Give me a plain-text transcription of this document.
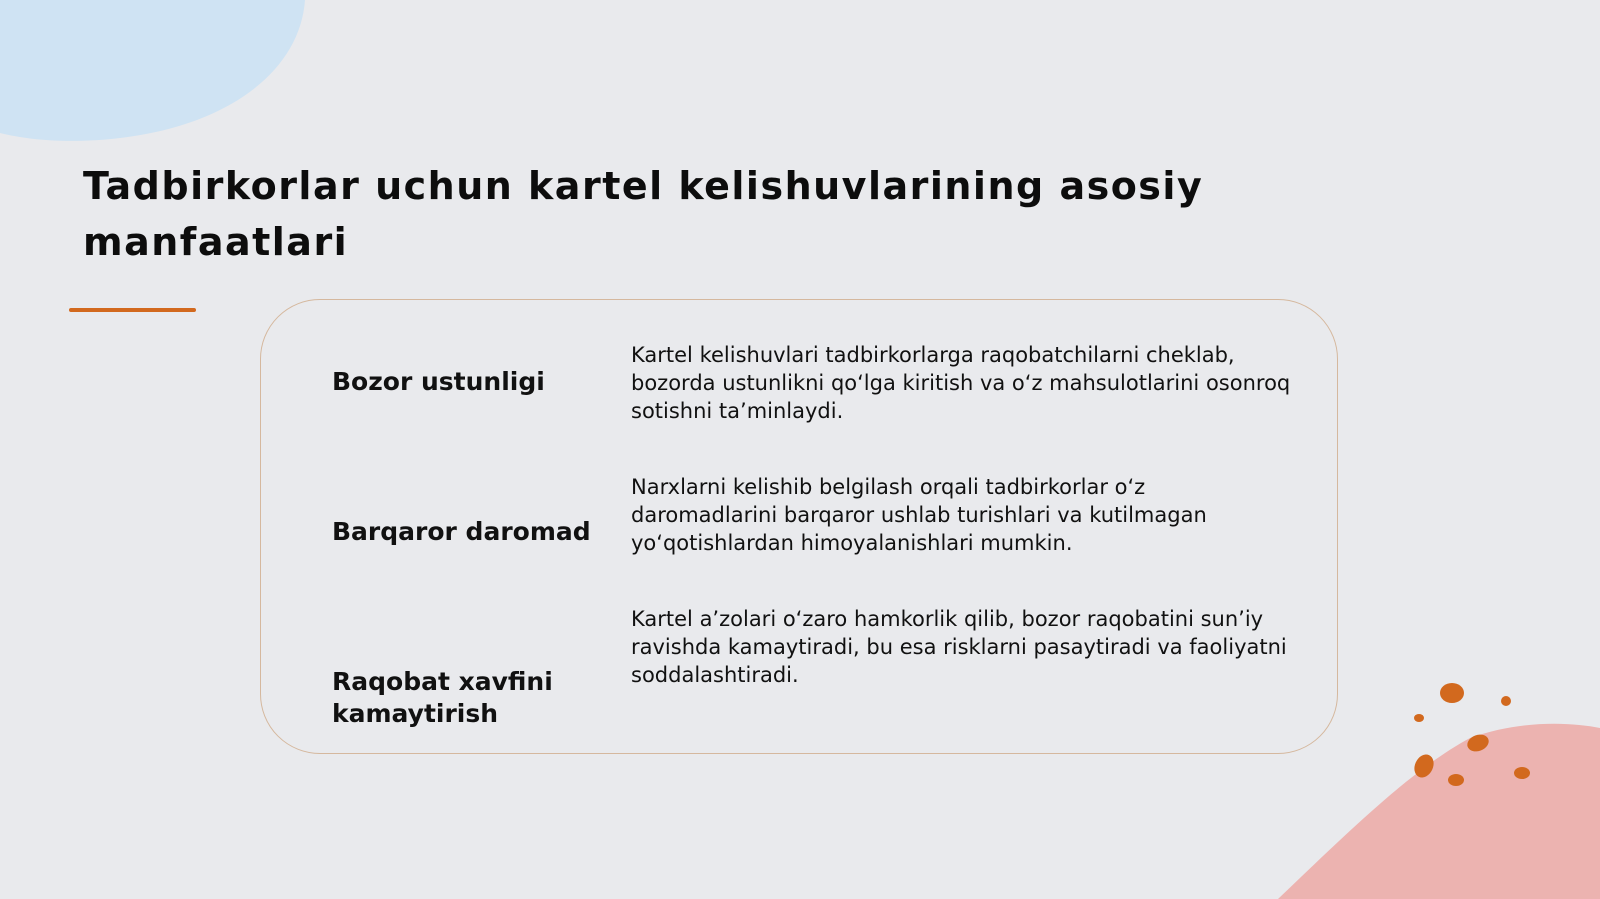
Tadbirkorlar uchun kartel kelishuvlarining asosiy manfaatlari

Bozor ustunligi

Kartel kelishuvlari tadbirkorlarga raqobatchilarni cheklab, bozorda ustunlikni qo‘lga kiritish va o‘z mahsulotlarini osonroq sotishni ta’minlaydi.

Barqaror daromad

Narxlarni kelishib belgilash orqali tadbirkorlar o‘z daromadlarini barqaror ushlab turishlari va kutilmagan yo‘qotishlardan himoyalanishlari mumkin.

Raqobat xavfini kamaytirish

Kartel a’zolari o‘zaro hamkorlik qilib, bozor raqobatini sun’iy ravishda kamaytiradi, bu esa risklarni pasaytiradi va faoliyatni soddalashtiradi.
